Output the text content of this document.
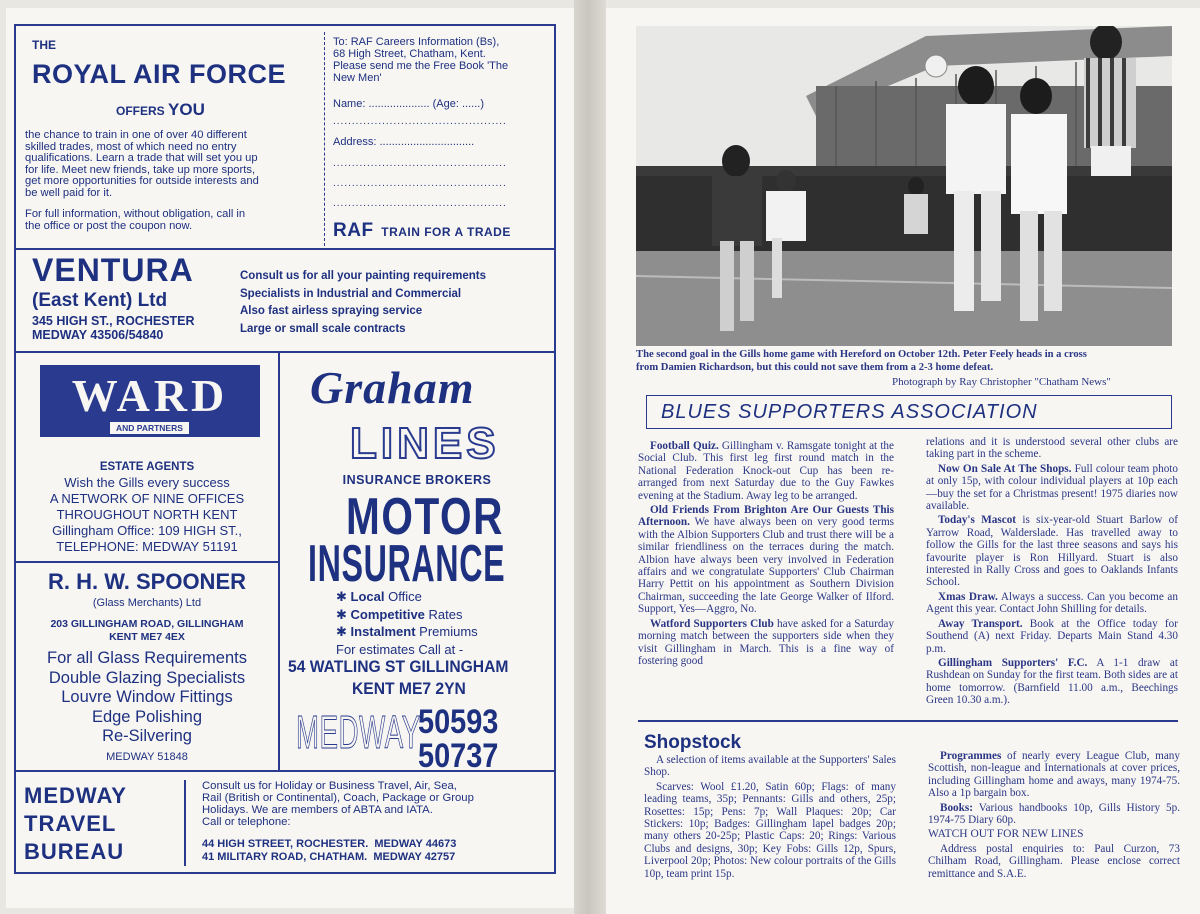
THE
ROYAL AIR FORCE
OFFERS YOU
the chance to train in one of over 40 different
skilled trades, most of which need no entry
qualifications. Learn a trade that will set you up
for life. Meet new friends, take up more sports,
get more opportunities for outside interests and
be well paid for it.
For full information, without obligation, call in
the office or post the coupon now.
To: RAF Careers Information (Bs),
68 High Street, Chatham, Kent.
Please send me the Free Book 'The
New Men'
Name: .................... (Age: ......)
..............................................
Address: ...............................
..............................................
..............................................
..............................................
RAF TRAIN FOR A TRADE
VENTURA
(East Kent) Ltd
345 HIGH ST., ROCHESTER
MEDWAY 43506/54840
Consult us for all your painting requirements
Specialists in Industrial and Commercial
Also fast airless spraying service
Large or small scale contracts
WARD
AND PARTNERS
ESTATE AGENTS
Wish the Gills every success
A NETWORK OF NINE OFFICES
THROUGHOUT NORTH KENT
Gillingham Office: 109 HIGH ST.,
TELEPHONE: MEDWAY 51191
R. H. W. SPOONER
(Glass Merchants) Ltd
203 GILLINGHAM ROAD, GILLINGHAM
KENT ME7 4EX
For all Glass Requirements
Double Glazing Specialists
Louvre Window Fittings
Edge Polishing
Re-Silvering
MEDWAY 51848
Graham
LINES
INSURANCE BROKERS
MOTOR
INSURANCE
✱ Local Office
✱ Competitive Rates
✱ Instalment Premiums
For estimates Call at -
54 WATLING ST GILLINGHAM
KENT ME7 2YN
MEDWAY
50593
50737
MEDWAY
TRAVEL
BUREAU
Consult us for Holiday or Business Travel, Air, Sea,
Rail (British or Continental), Coach, Package or Group
Holidays. We are members of ABTA and IATA.
Call or telephone:
44 HIGH STREET, ROCHESTER. MEDWAY 44673
41 MILITARY ROAD, CHATHAM. MEDWAY 42757
The second goal in the Gills home game with Hereford on October 12th. Peter Feely heads in a cross
from Damien Richardson, but this could not save them from a 2-3 home defeat.
Photograph by Ray Christopher "Chatham News"
BLUES SUPPORTERS ASSOCIATION

Football Quiz. Gillingham v. Ramsgate tonight at the Social Club. This first leg first round match in the National Federation Knock-out Cup has been re-arranged from next Saturday due to the Guy Fawkes evening at the Stadium. Away leg to be arranged.

Old Friends From Brighton Are Our Guests This Afternoon. We have always been on very good terms with the Albion Supporters Club and trust there will be a similar friendliness on the terraces during the match. Albion have always been very involved in Federation affairs and we congratulate Supporters' Club Chairman Harry Pettit on his appointment as Southern Division Chairman, succeeding the late George Walker of Ilford. Support, Yes—Aggro, No.

Watford Supporters Club have asked for a Saturday morning match between the supporters side when they visit Gillingham in March. This is a fine way of fostering good

relations and it is understood several other clubs are taking part in the scheme.

Now On Sale At The Shops. Full colour team photo at only 15p, with colour individual players at 10p each—buy the set for a Christmas present! 1975 diaries now available.

Today's Mascot is six-year-old Stuart Barlow of Yarrow Road, Walderslade. Has travelled away to follow the Gills for the last three seasons and says his favourite player is Ron Hillyard. Stuart is also interested in Rally Cross and goes to Oaklands Infants School.

Xmas Draw. Always a success. Can you become an Agent this year. Contact John Shilling for details.

Away Transport. Book at the Office today for Southend (A) next Friday. Departs Main Stand 4.30 p.m.

Gillingham Supporters' F.C. A 1-1 draw at Rushdean on Sunday for the first team. Both sides are at home tomorrow. (Barnfield 11.00 a.m., Beechings Green 10.30 a.m.).

Shopstock

A selection of items available at the Supporters' Sales Shop.

Scarves: Wool £1.20, Satin 60p; Flags: of many leading teams, 35p; Pennants: Gills and others, 25p; Rosettes: 15p; Pens: 7p; Wall Plaques: 20p; Car Stickers: 10p; Badges: Gillingham lapel badges 20p; many others 20-25p; Plastic Caps: 20; Rings: Various Clubs and designs, 30p; Key Fobs: Gills 12p, Spurs, Liverpool 20p; Photos: New colour portraits of the Gills 10p, team print 15p.

Programmes of nearly every League Club, many Scottish, non-league and Internationals at cover prices, including Gillingham home and aways, many 1974-75. Also a 1p bargain box.

Books: Various handbooks 10p, Gills History 5p. 1974-75 Diary 60p.

WATCH OUT FOR NEW LINES

Address postal enquiries to: Paul Curzon, 73 Chilham Road, Gillingham. Please enclose correct remittance and S.A.E.
